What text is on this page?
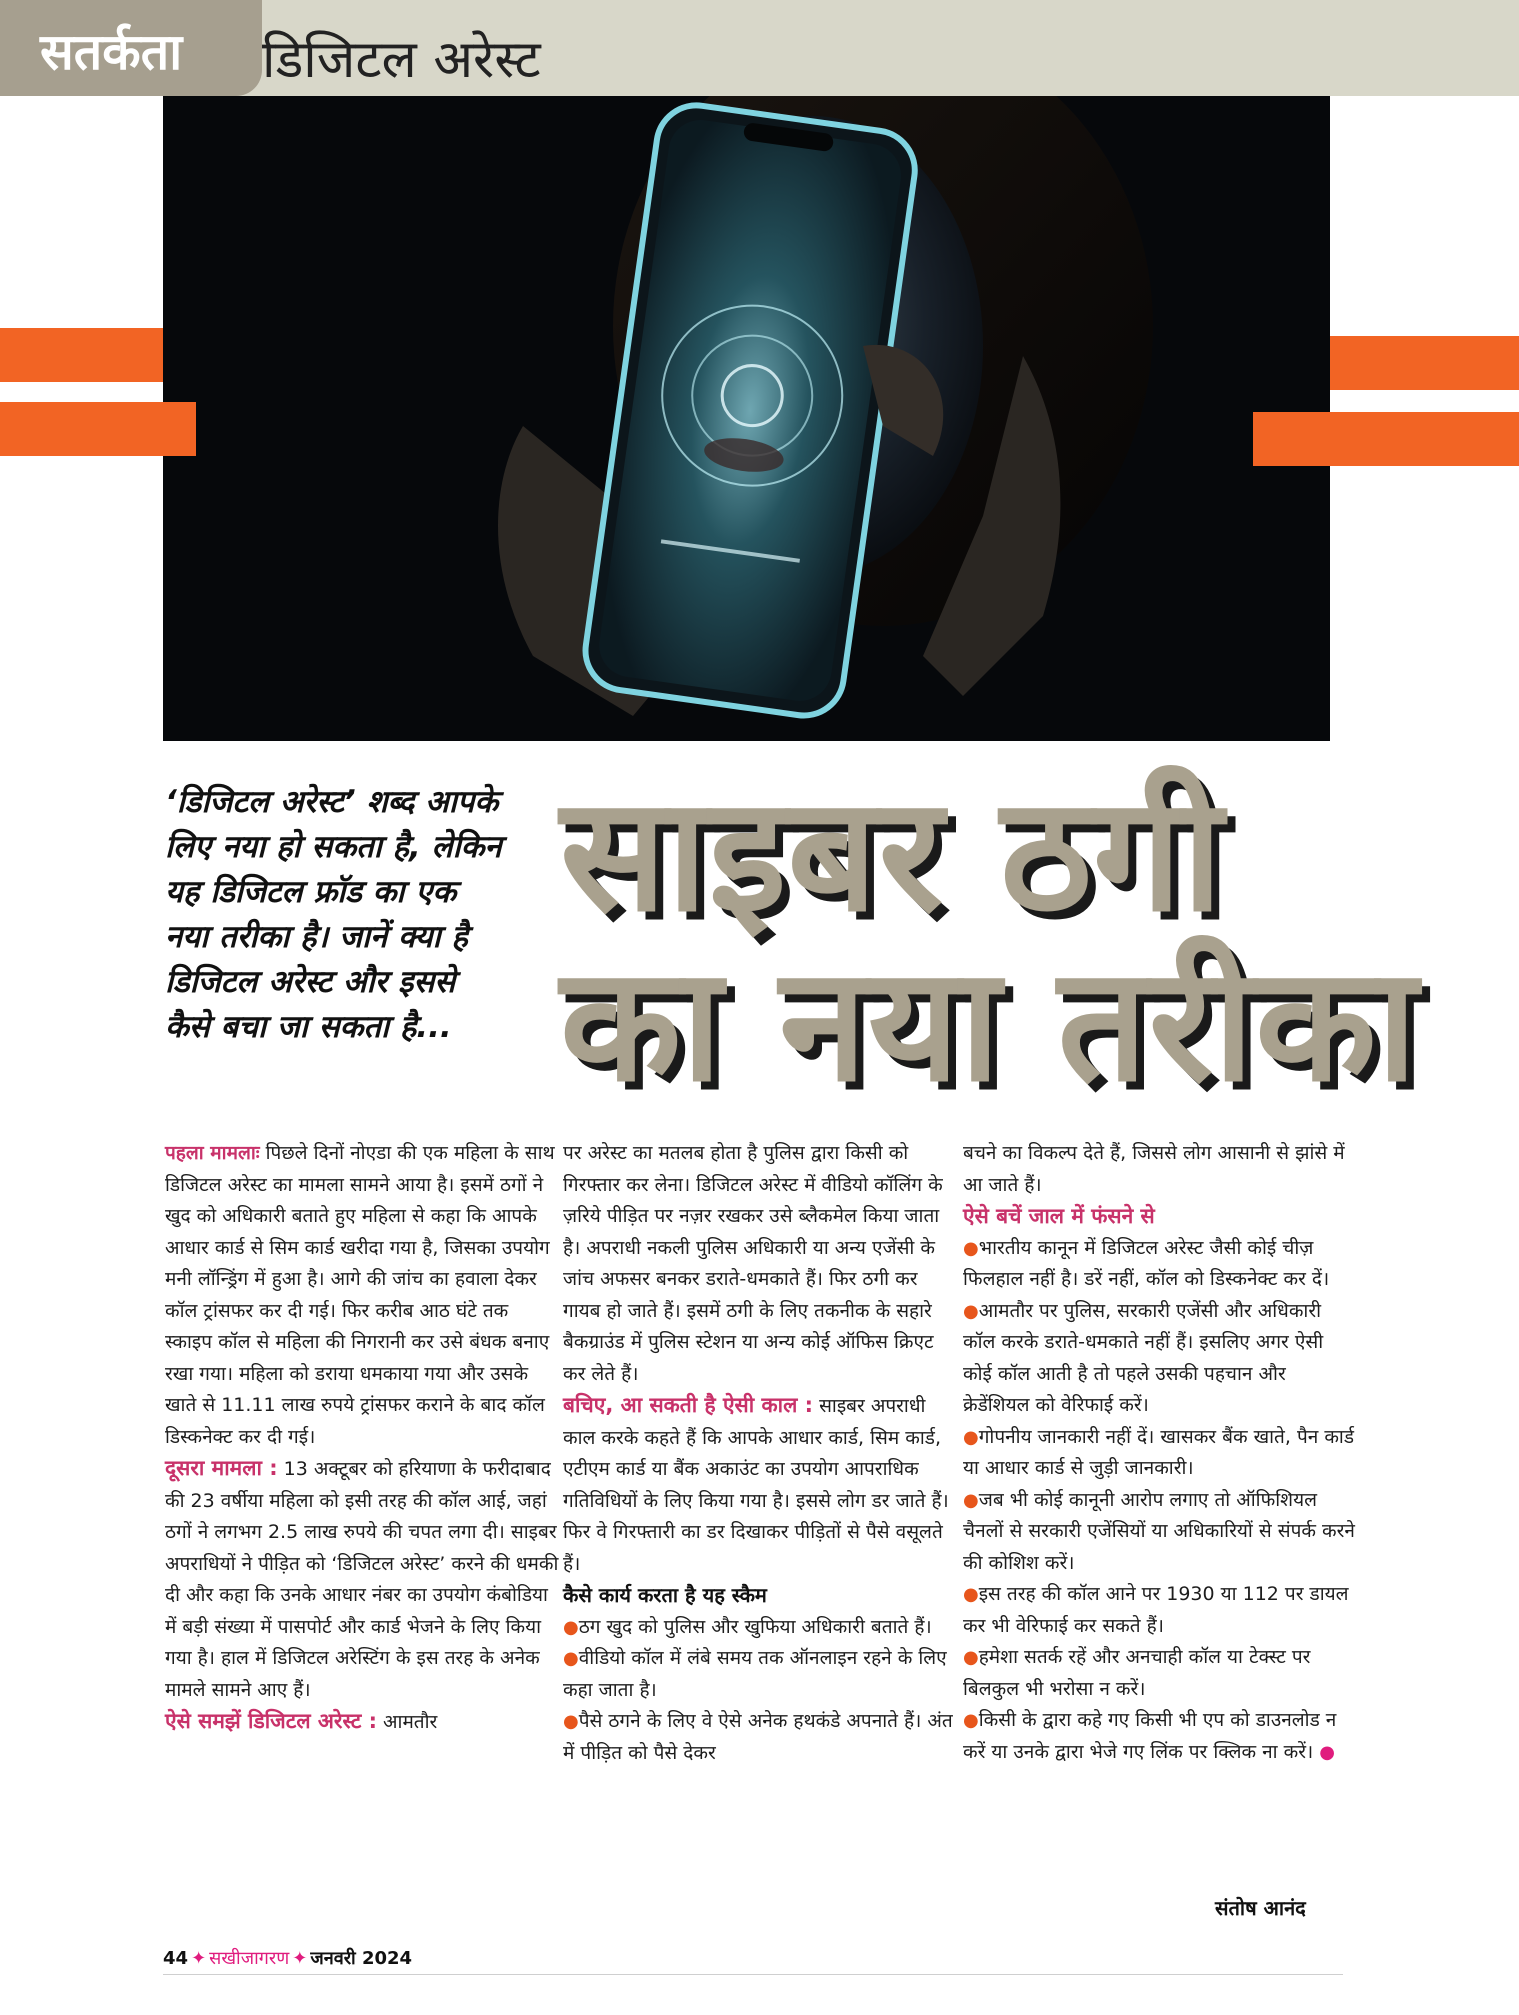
सतर्कता डिजिटल अरेस्ट
‘डिजिटल अरेस्ट’ शब्द आपके लिए नया हो सकता है, लेकिन यह डिजिटल फ्रॉड का एक नया तरीका है। जानें क्या है डिजिटल अरेस्ट और इससे कैसे बचा जा सकता है...
साइबर ठगी
का नया तरीका

पहला मामलाः पिछले दिनों नोएडा की एक महिला के साथ डिजिटल अरेस्ट का मामला सामने आया है। इसमें ठगों ने खुद को अधिकारी बताते हुए महिला से कहा कि आपके आधार कार्ड से सिम कार्ड खरीदा गया है, जिसका उपयोग मनी लॉन्ड्रिंग में हुआ है। आगे की जांच का हवाला देकर कॉल ट्रांसफर कर दी गई। फिर करीब आठ घंटे तक स्काइप कॉल से महिला की निगरानी कर उसे बंधक बनाए रखा गया। महिला को डराया धमकाया गया और उसके खाते से 11.11 लाख रुपये ट्रांसफर कराने के बाद कॉल डिस्कनेक्ट कर दी गई।

दूसरा मामला : 13 अक्टूबर को हरियाणा के फरीदाबाद की 23 वर्षीया महिला को इसी तरह की कॉल आई, जहां ठगों ने लगभग 2.5 लाख रुपये की चपत लगा दी। साइबर अपराधियों ने पीड़ित को ‘डिजिटल अरेस्ट’ करने की धमकी दी और कहा कि उनके आधार नंबर का उपयोग कंबोडिया में बड़ी संख्या में पासपोर्ट और कार्ड भेजने के लिए किया गया है। हाल में डिजिटल अरेस्टिंग के इस तरह के अनेक मामले सामने आए हैं।

ऐसे समझें डिजिटल अरेस्ट : आमतौर

पर अरेस्ट का मतलब होता है पुलिस द्वारा किसी को गिरफ्तार कर लेना। डिजिटल अरेस्ट में वीडियो कॉलिंग के ज़रिये पीड़ित पर नज़र रखकर उसे ब्लैकमेल किया जाता है। अपराधी नकली पुलिस अधिकारी या अन्य एजेंसी के जांच अफसर बनकर डराते-धमकाते हैं। फिर ठगी कर गायब हो जाते हैं। इसमें ठगी के लिए तकनीक के सहारे बैकग्राउंड में पुलिस स्टेशन या अन्य कोई ऑफिस क्रिएट कर लेते हैं।

बचिए, आ सकती है ऐसी काल : साइबर अपराधी काल करके कहते हैं कि आपके आधार कार्ड, सिम कार्ड, एटीएम कार्ड या बैंक अकाउंट का उपयोग आपराधिक गतिविधियों के लिए किया गया है। इससे लोग डर जाते हैं। फिर वे गिरफ्तारी का डर दिखाकर पीड़ितों से पैसे वसूलते हैं।

कैसे कार्य करता है यह स्कैम

●ठग खुद को पुलिस और खुफिया अधिकारी बताते हैं।

●वीडियो कॉल में लंबे समय तक ऑनलाइन रहने के लिए कहा जाता है।

●पैसे ठगने के लिए वे ऐसे अनेक हथकंडे अपनाते हैं। अंत में पीड़ित को पैसे देकर

बचने का विकल्प देते हैं, जिससे लोग आसानी से झांसे में आ जाते हैं।

ऐसे बचें जाल में फंसने से

●भारतीय कानून में डिजिटल अरेस्ट जैसी कोई चीज़ फिलहाल नहीं है। डरें नहीं, कॉल को डिस्कनेक्ट कर दें।

●आमतौर पर पुलिस, सरकारी एजेंसी और अधिकारी कॉल करके डराते-धमकाते नहीं हैं। इसलिए अगर ऐसी कोई कॉल आती है तो पहले उसकी पहचान और क्रेडेंशियल को वेरिफाई करें।

●गोपनीय जानकारी नहीं दें। खासकर बैंक खाते, पैन कार्ड या आधार कार्ड से जुड़ी जानकारी।

●जब भी कोई कानूनी आरोप लगाए तो ऑफिशियल चैनलों से सरकारी एजेंसियों या अधिकारियों से संपर्क करने की कोशिश करें।

●इस तरह की कॉल आने पर 1930 या 112 पर डायल कर भी वेरिफाई कर सकते हैं।

●हमेशा सतर्क रहें और अनचाही कॉल या टेक्स्ट पर बिलकुल भी भरोसा न करें।

●किसी के द्वारा कहे गए किसी भी एप को डाउनलोड न करें या उनके द्वारा भेजे गए लिंक पर क्लिक ना करें। ●

संतोष आनंद
44 ✦ सखीजागरण ✦ जनवरी 2024
